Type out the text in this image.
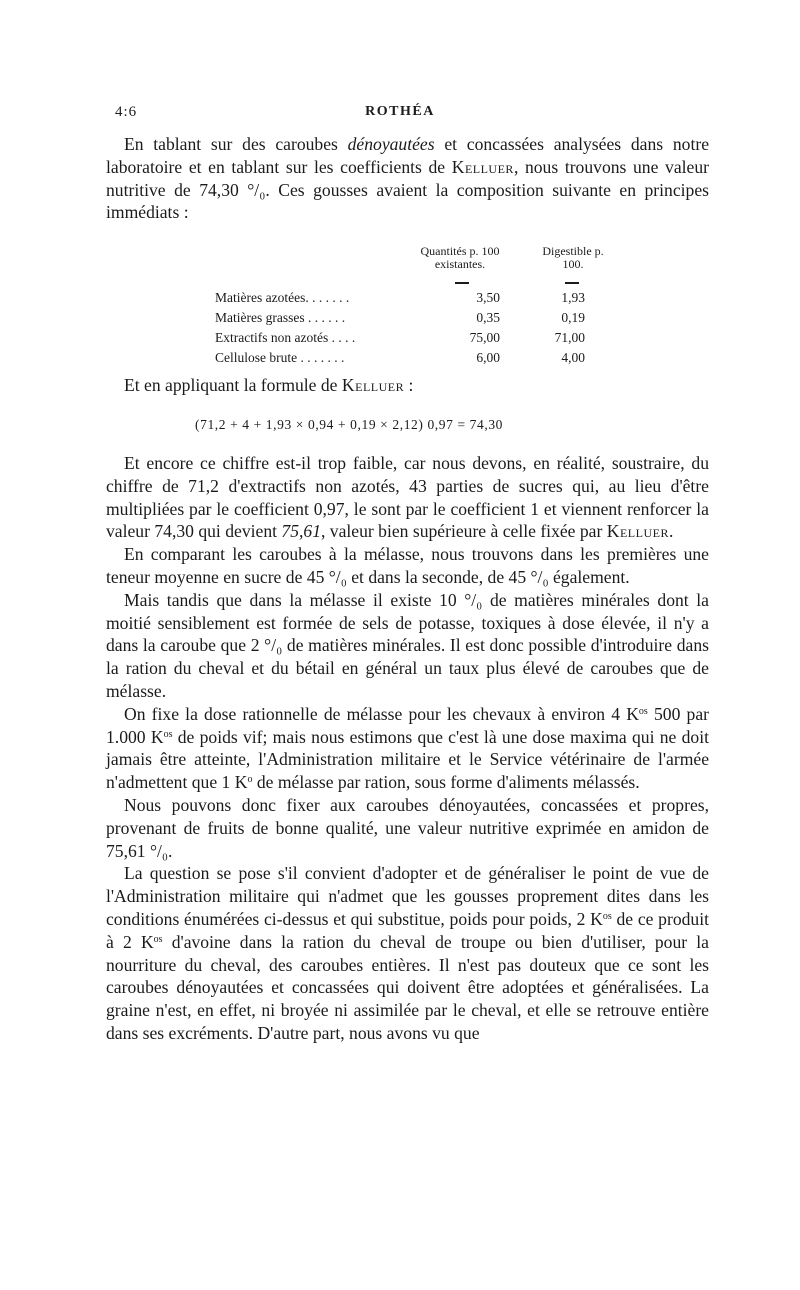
4:6	ROTHÉA

En tablant sur des caroubes dénoyautées et concassées analysées dans notre laboratoire et en tablant sur les coefficients de Kelluer, nous trouvons une valeur nutritive de 74,30 °/₀. Ces gousses avaient la composition suivante en principes immédiats :

Quantités p. 100 existantes.
Digestible p. 100.
Matières azotées. . . . . . .	3,50	1,93
Matières grasses . . . . . .	0,35	0,19
Extractifs non azotés . . . .	75,00	71,00
Cellulose brute . . . . . . .	6,00	4,00

Et en appliquant la formule de Kelluer :

(71,2 + 4 + 1,93 × 0,94 + 0,19 × 2,12) 0,97 = 74,30

Et encore ce chiffre est-il trop faible, car nous devons, en réalité, soustraire, du chiffre de 71,2 d'extractifs non azotés, 43 parties de sucres qui, au lieu d'être multipliées par le coefficient 0,97, le sont par le coefficient 1 et viennent renforcer la valeur 74,30 qui devient 75,61, valeur bien supérieure à celle fixée par Kelluer.

En comparant les caroubes à la mélasse, nous trouvons dans les premières une teneur moyenne en sucre de 45 °/₀ et dans la seconde, de 45 °/₀ également.

Mais tandis que dans la mélasse il existe 10 °/₀ de matières minérales dont la moitié sensiblement est formée de sels de potasse, toxiques à dose élevée, il n'y a dans la caroube que 2 °/₀ de matières minérales. Il est donc possible d'introduire dans la ration du cheval et du bétail en général un taux plus élevé de caroubes que de mélasse.

On fixe la dose rationnelle de mélasse pour les chevaux à environ 4 $K^{os}$ 500 par 1.000 $K^{os}$ de poids vif; mais nous estimons que c'est là une dose maxima qui ne doit jamais être atteinte, l'Administration militaire et le Service vétérinaire de l'armée n'admettent que 1 $K^o$ de mélasse par ration, sous forme d'aliments mélassés.

Nous pouvons donc fixer aux caroubes dénoyautées, concassées et propres, provenant de fruits de bonne qualité, une valeur nutritive exprimée en amidon de 75,61 °/₀.

La question se pose s'il convient d'adopter et de généraliser le point de vue de l'Administration militaire qui n'admet que les gousses proprement dites dans les conditions énumérées ci-dessus et qui substitue, poids pour poids, 2 $K^{os}$ de ce produit à 2 $K^{os}$ d'avoine dans la ration du cheval de troupe ou bien d'utiliser, pour la nourriture du cheval, des caroubes entières. Il n'est pas douteux que ce sont les caroubes dénoyautées et concassées qui doivent être adoptées et généralisées. La graine n'est, en effet, ni broyée ni assimilée par le cheval, et elle se retrouve entière dans ses excréments. D'autre part, nous avons vu que
